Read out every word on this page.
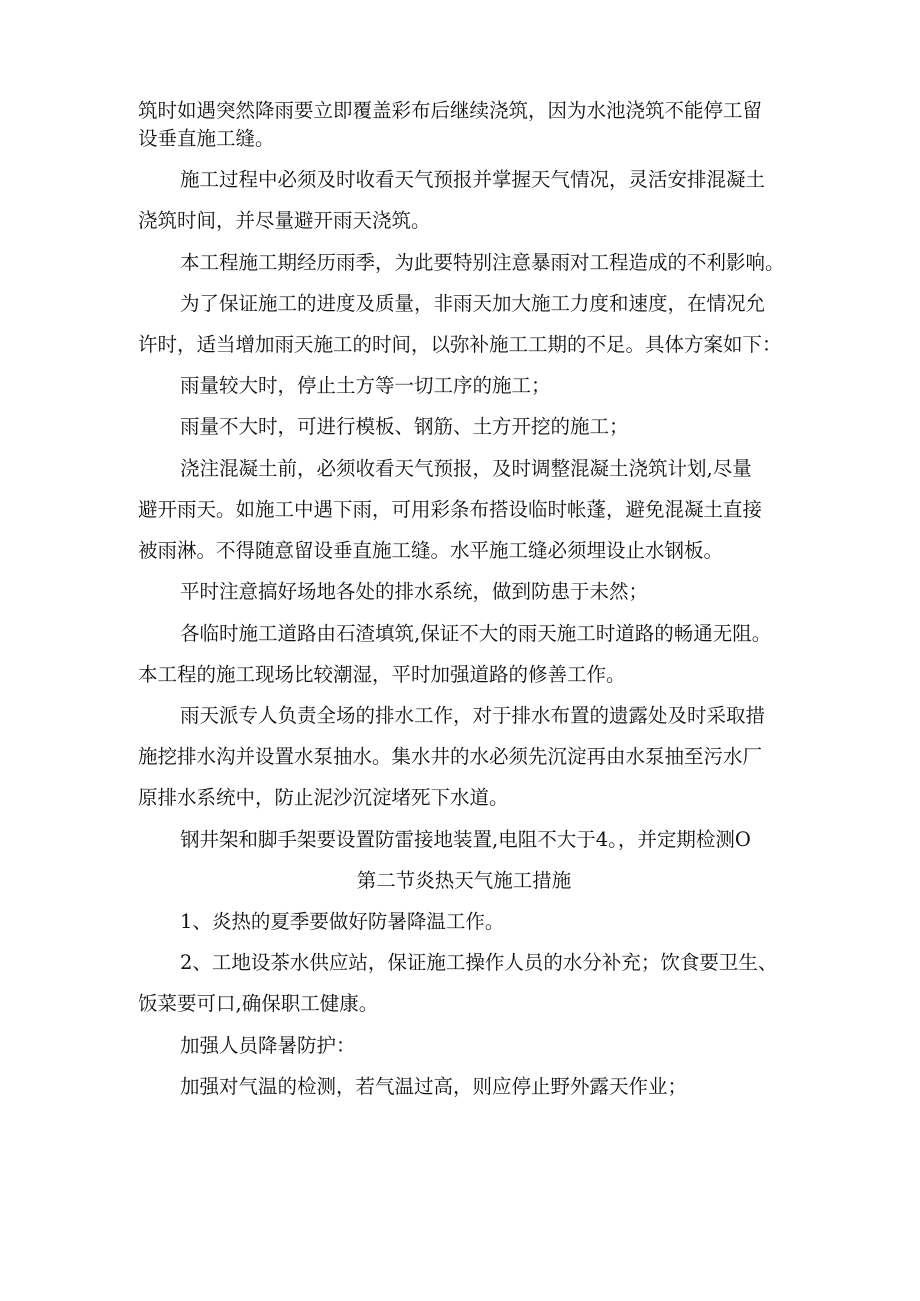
筑时如遇突然降雨要立即覆盖彩布后继续浇筑，因为水池浇筑不能停工留
设垂直施工缝。
施工过程中必须及时收看天气预报并掌握天气情况，灵活安排混凝土
浇筑时间，并尽量避开雨天浇筑。
本工程施工期经历雨季，为此要特别注意暴雨对工程造成的不利影响。
为了保证施工的进度及质量，非雨天加大施工力度和速度，在情况允
许时，适当增加雨天施工的时间，以弥补施工工期的不足。具体方案如下：
雨量较大时，停止土方等一切工序的施工；
雨量不大时，可进行模板、钢筋、土方开挖的施工；
浇注混凝土前，必须收看天气预报，及时调整混凝土浇筑计划,尽量
避开雨天。如施工中遇下雨，可用彩条布搭设临时帐蓬，避免混凝土直接
被雨淋。不得随意留设垂直施工缝。水平施工缝必须埋设止水钢板。
平时注意搞好场地各处的排水系统，做到防患于未然；
各临时施工道路由石渣填筑,保证不大的雨天施工时道路的畅通无阻。
本工程的施工现场比较潮湿，平时加强道路的修善工作。
雨天派专人负责全场的排水工作，对于排水布置的遗露处及时采取措
施挖排水沟并设置水泵抽水。集水井的水必须先沉淀再由水泵抽至污水厂
原排水系统中，防止泥沙沉淀堵死下水道。
钢井架和脚手架要设置防雷接地装置,电阻不大于4。，并定期检测O
第二节炎热天气施工措施
1、炎热的夏季要做好防暑降温工作。
2、工地设茶水供应站，保证施工操作人员的水分补充；饮食要卫生、
饭菜要可口,确保职工健康。
加强人员降暑防护：
加强对气温的检测，若气温过高，则应停止野外露天作业；
